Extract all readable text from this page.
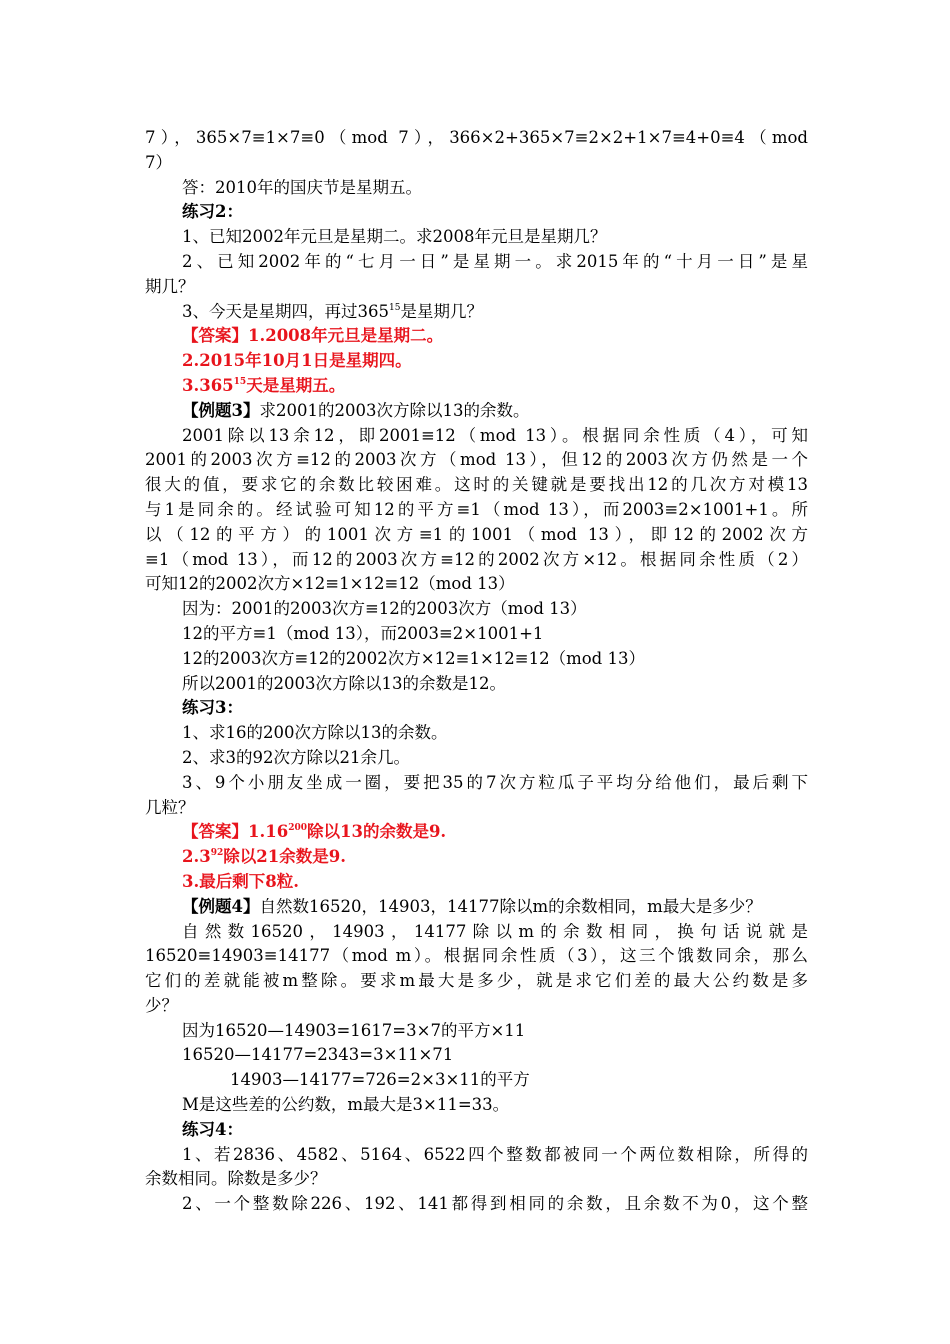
7），365×7≡1×7≡0（mod 7），366×2+365×7≡2×2+1×7≡4+0≡4（mod
7）
答：2010年的国庆节是星期五。
练习2：
1、已知2002年元旦是星期二。求2008年元旦是星期几？
2、已知2002年的“七月一日”是星期一。求2015年的“十月一日”是星
期几？
3、今天是星期四，再过$365^{15}$是星期几？
【答案】1.2008年元旦是星期二。
2.2015年10月1日是星期四。
3.365$^{15}$天是星期五。
【例题3】求2001的2003次方除以13的余数。
2001除以13余12，即2001≡12（mod 13）。根据同余性质（4），可知
2001的2003次方≡12的2003次方（mod 13），但12的2003次方仍然是一个
很大的值，要求它的余数比较困难。这时的关键就是要找出12的几次方对模13
与1是同余的。经试验可知12的平方≡1（mod 13），而2003≡2×1001+1。所
以（12的平方）的1001次方≡1的1001（mod 13），即12的2002次方
≡1（mod 13），而12的2003次方≡12的2002次方×12。根据同余性质（2）
可知12的2002次方×12≡1×12≡12（mod 13）
因为：2001的2003次方≡12的2003次方（mod 13）
12的平方≡1（mod 13），而2003≡2×1001+1
12的2003次方≡12的2002次方×12≡1×12≡12（mod 13）
所以2001的2003次方除以13的余数是12。
练习3：
1、求16的200次方除以13的余数。
2、求3的92次方除以21余几。
3、9个小朋友坐成一圈，要把35的7次方粒瓜子平均分给他们，最后剩下
几粒？
【答案】1.16$^{200}$除以13的余数是9.
$2.3^{92}$除以21余数是9.
3.最后剩下8粒.
【例题4】自然数16520，14903，14177除以m的余数相同，m最大是多少？
自然数16520，14903，14177除以m的余数相同，换句话说就是
16520≡14903≡14177（mod m）。根据同余性质（3），这三个饿数同余，那么
它们的差就能被m整除。要求m最大是多少，就是求它们差的最大公约数是多
少？
因为16520—14903=1617=3×7的平方×11
16520—14177=2343=3×11×71
14903—14177=726=2×3×11的平方
M是这些差的公约数，m最大是3×11=33。
练习4：
1、若2836、4582、5164、6522四个整数都被同一个两位数相除，所得的
余数相同。除数是多少？
2、一个整数除226、192、141都得到相同的余数，且余数不为0，这个整
